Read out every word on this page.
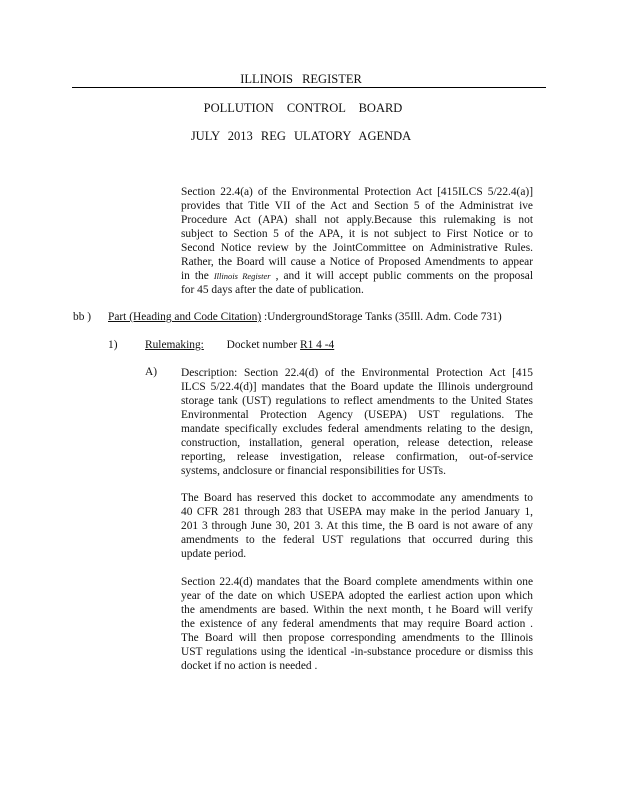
ILLINOIS REGISTER
POLLUTION CONTROL BOARD
JULY 2013 REG ULATORY AGENDA
Section 22.4(a) of the Environmental Protection Act [415ILCS 5/22.4(a)]
provides that Title VII of the Act and Section 5 of the Administrat ive
Procedure Act (APA) shall not apply.Because this rulemaking is not
subject to Section 5 of the APA, it is not subject to First Notice or to
Second Notice review by the JointCommittee on Administrative Rules.
Rather, the Board will cause a Notice of Proposed Amendments to appear
in the Illinois Register , and it will accept public comments on the proposal
for 45 days after the date of publication.
bb ) Part (Heading and Code Citation) :UndergroundStorage Tanks (35Ill. Adm. Code 731)
1) Rulemaking: Docket number R1 4 -4
A) Description: Section 22.4(d) of the Environmental Protection Act [415
ILCS 5/22.4(d)] mandates that the Board update the Illinois underground
storage tank (UST) regulations to reflect amendments to the United States
Environmental Protection Agency (USEPA) UST regulations. The
mandate specifically excludes federal amendments relating to the design,
construction, installation, general operation, release detection, release
reporting, release investigation, release confirmation, out-of-service
systems, andclosure or financial responsibilities for USTs.
The Board has reserved this docket to accommodate any amendments to
40 CFR 281 through 283 that USEPA may make in the period January 1,
201 3 through June 30, 201 3. At this time, the B oard is not aware of any
amendments to the federal UST regulations that occurred during this
update period.
Section 22.4(d) mandates that the Board complete amendments within one
year of the date on which USEPA adopted the earliest action upon which
the amendments are based. Within the next month, t he Board will verify
the existence of any federal amendments that may require Board action .
The Board will then propose corresponding amendments to the Illinois
UST regulations using the identical -in-substance procedure or dismiss this
docket if no action is needed .
